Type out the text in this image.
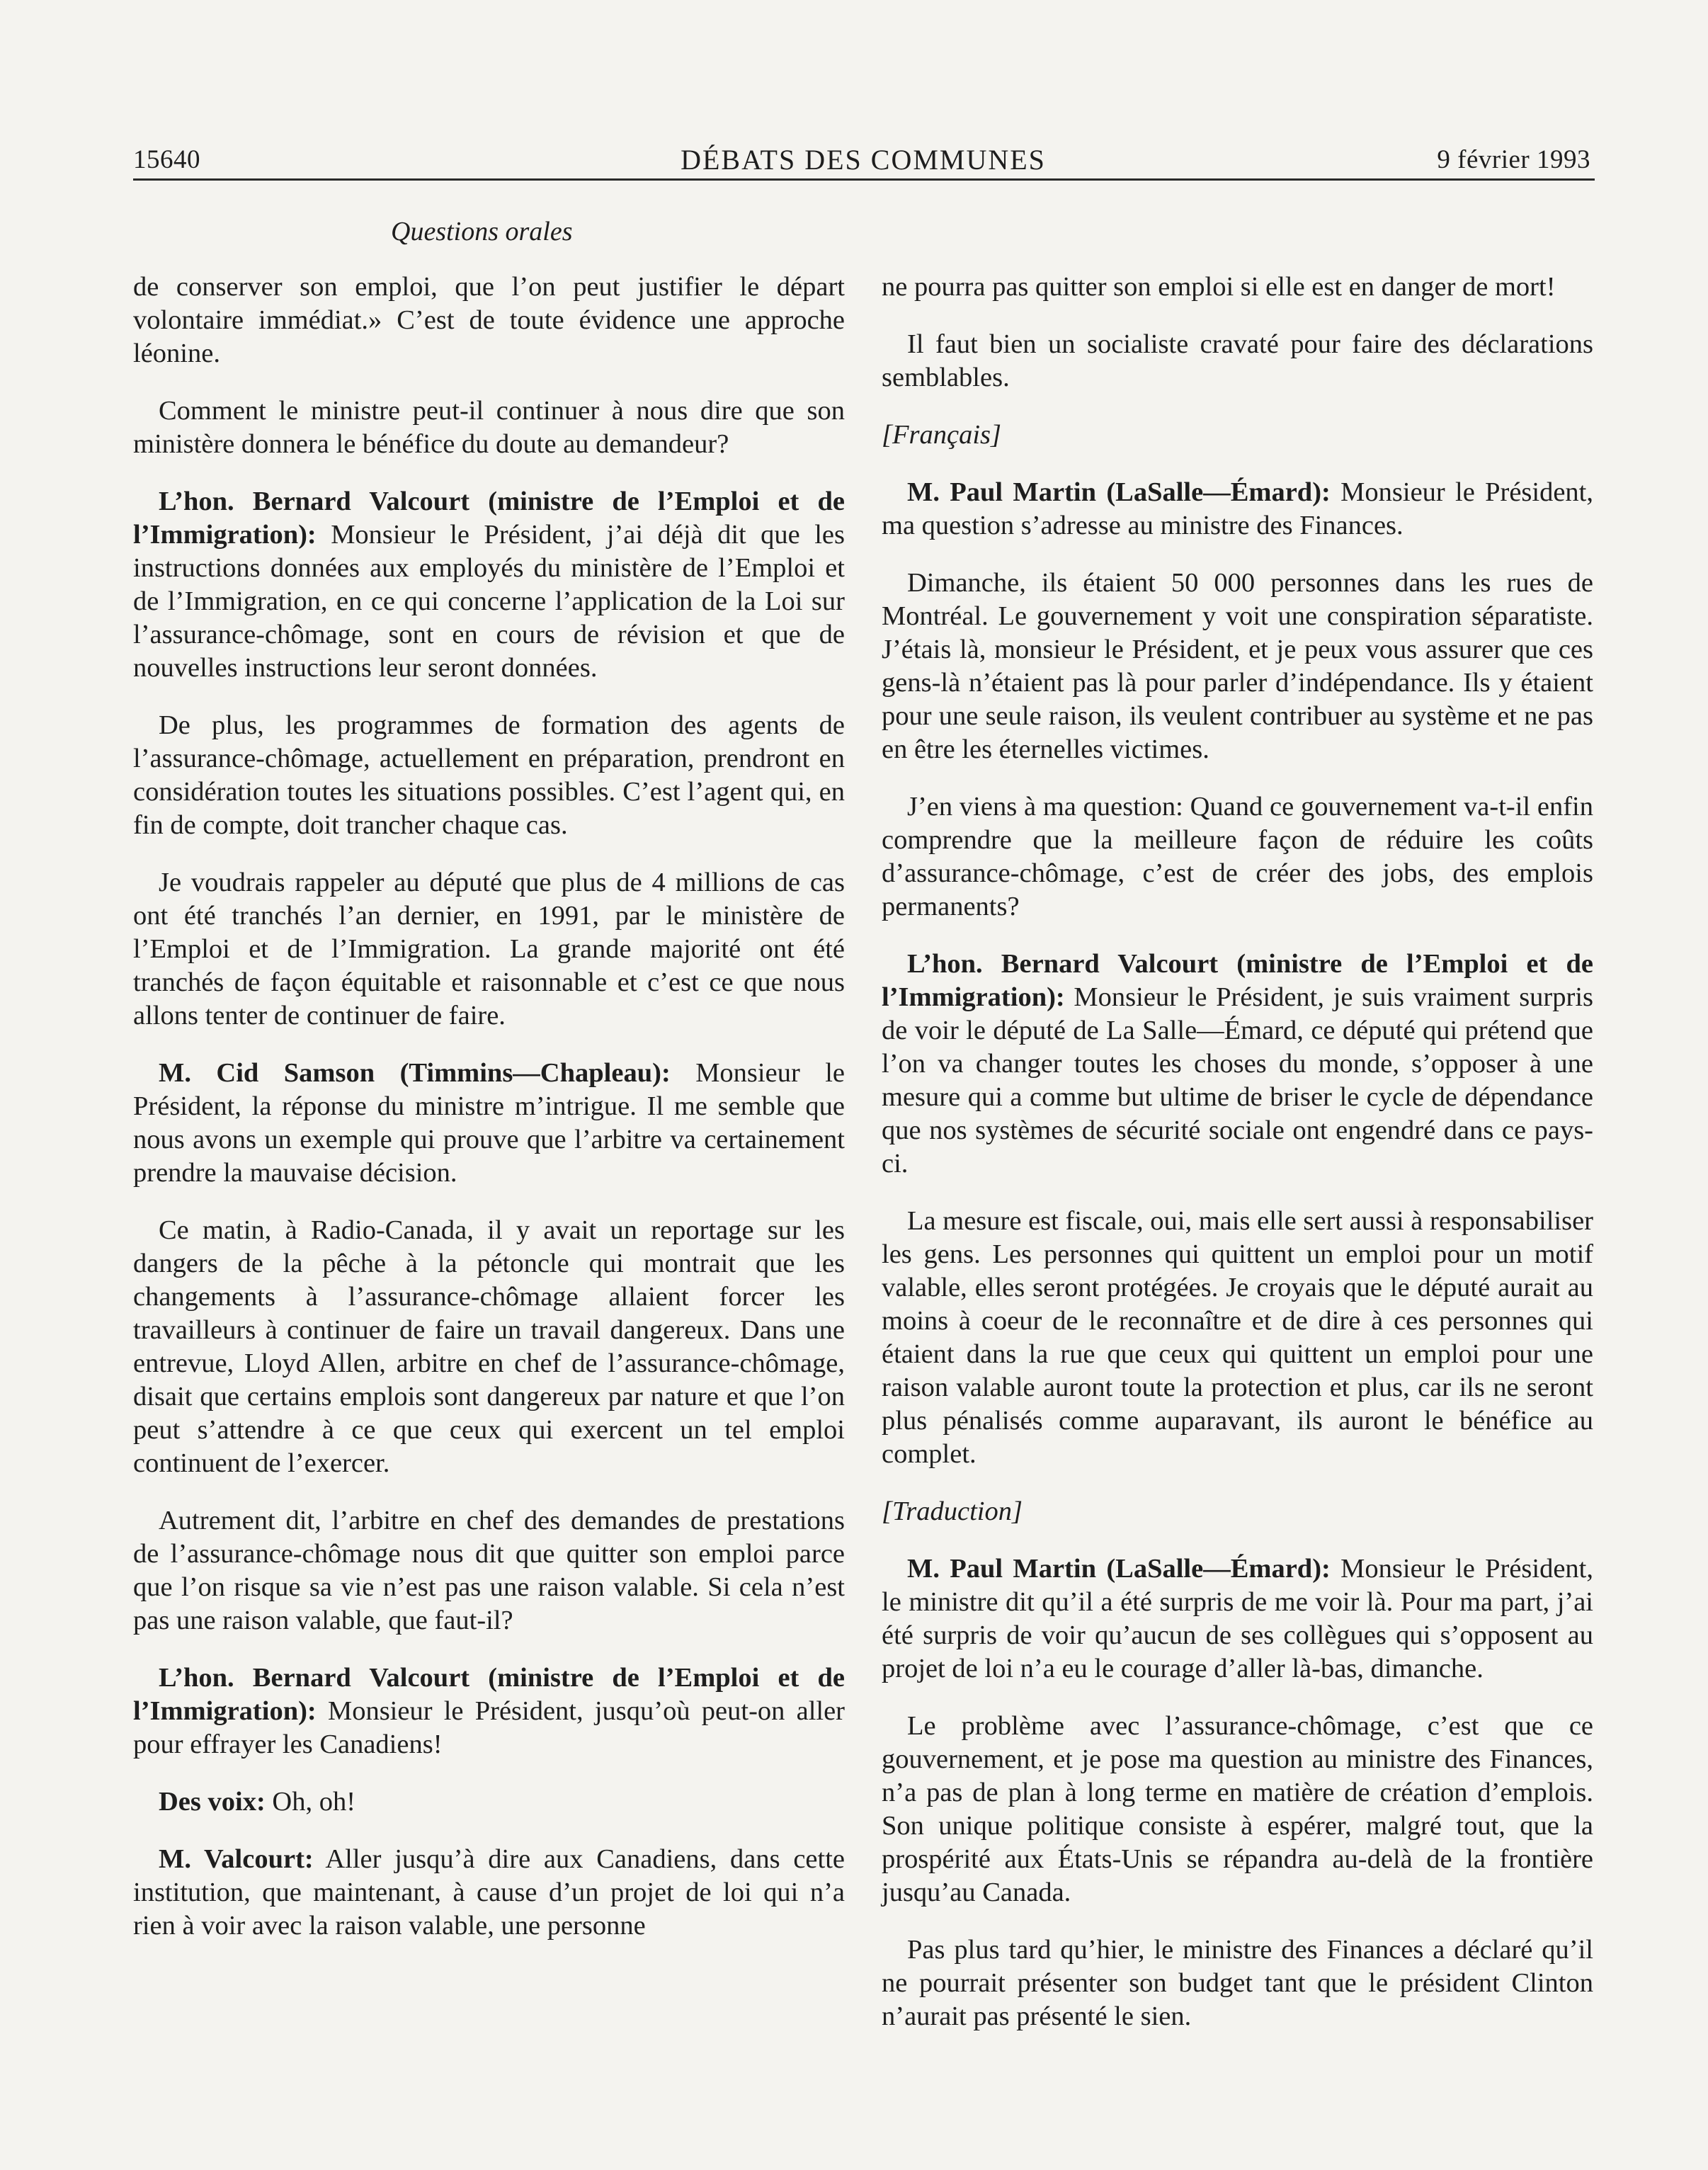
15640	DÉBATS DES COMMUNES	9 février 1993
Questions orales

de conserver son emploi, que l’on peut justifier le départ volontaire immédiat.» C’est de toute évidence une approche léonine.

Comment le ministre peut-il continuer à nous dire que son ministère donnera le bénéfice du doute au demandeur?

L’hon. Bernard Valcourt (ministre de l’Emploi et de l’Immigration): Monsieur le Président, j’ai déjà dit que les instructions données aux employés du ministère de l’Emploi et de l’Immigration, en ce qui concerne l’application de la Loi sur l’assurance-chômage, sont en cours de révision et que de nouvelles instructions leur seront données.

De plus, les programmes de formation des agents de l’assurance-chômage, actuellement en préparation, prendront en considération toutes les situations possibles. C’est l’agent qui, en fin de compte, doit trancher chaque cas.

Je voudrais rappeler au député que plus de 4 millions de cas ont été tranchés l’an dernier, en 1991, par le ministère de l’Emploi et de l’Immigration. La grande majorité ont été tranchés de façon équitable et raisonnable et c’est ce que nous allons tenter de continuer de faire.

M. Cid Samson (Timmins—Chapleau): Monsieur le Président, la réponse du ministre m’intrigue. Il me semble que nous avons un exemple qui prouve que l’arbitre va certainement prendre la mauvaise décision.

Ce matin, à Radio-Canada, il y avait un reportage sur les dangers de la pêche à la pétoncle qui montrait que les changements à l’assurance-chômage allaient forcer les travailleurs à continuer de faire un travail dangereux. Dans une entrevue, Lloyd Allen, arbitre en chef de l’assurance-chômage, disait que certains emplois sont dangereux par nature et que l’on peut s’attendre à ce que ceux qui exercent un tel emploi continuent de l’exercer.

Autrement dit, l’arbitre en chef des demandes de prestations de l’assurance-chômage nous dit que quitter son emploi parce que l’on risque sa vie n’est pas une raison valable. Si cela n’est pas une raison valable, que faut-il?

L’hon. Bernard Valcourt (ministre de l’Emploi et de l’Immigration): Monsieur le Président, jusqu’où peut-on aller pour effrayer les Canadiens!

Des voix: Oh, oh!

M. Valcourt: Aller jusqu’à dire aux Canadiens, dans cette institution, que maintenant, à cause d’un projet de loi qui n’a rien à voir avec la raison valable, une personne

ne pourra pas quitter son emploi si elle est en danger de mort!

Il faut bien un socialiste cravaté pour faire des déclarations semblables.

[Français]

M. Paul Martin (LaSalle—Émard): Monsieur le Président, ma question s’adresse au ministre des Finances.

Dimanche, ils étaient 50 000 personnes dans les rues de Montréal. Le gouvernement y voit une conspiration séparatiste. J’étais là, monsieur le Président, et je peux vous assurer que ces gens-là n’étaient pas là pour parler d’indépendance. Ils y étaient pour une seule raison, ils veulent contribuer au système et ne pas en être les éternelles victimes.

J’en viens à ma question: Quand ce gouvernement va-t-il enfin comprendre que la meilleure façon de réduire les coûts d’assurance-chômage, c’est de créer des jobs, des emplois permanents?

L’hon. Bernard Valcourt (ministre de l’Emploi et de l’Immigration): Monsieur le Président, je suis vraiment surpris de voir le député de La Salle—Émard, ce député qui prétend que l’on va changer toutes les choses du monde, s’opposer à une mesure qui a comme but ultime de briser le cycle de dépendance que nos systèmes de sécurité sociale ont engendré dans ce pays-ci.

La mesure est fiscale, oui, mais elle sert aussi à responsabiliser les gens. Les personnes qui quittent un emploi pour un motif valable, elles seront protégées. Je croyais que le député aurait au moins à coeur de le reconnaître et de dire à ces personnes qui étaient dans la rue que ceux qui quittent un emploi pour une raison valable auront toute la protection et plus, car ils ne seront plus pénalisés comme auparavant, ils auront le bénéfice au complet.

[Traduction]

M. Paul Martin (LaSalle—Émard): Monsieur le Président, le ministre dit qu’il a été surpris de me voir là. Pour ma part, j’ai été surpris de voir qu’aucun de ses collègues qui s’opposent au projet de loi n’a eu le courage d’aller là-bas, dimanche.

Le problème avec l’assurance-chômage, c’est que ce gouvernement, et je pose ma question au ministre des Finances, n’a pas de plan à long terme en matière de création d’emplois. Son unique politique consiste à espérer, malgré tout, que la prospérité aux États-Unis se répandra au-delà de la frontière jusqu’au Canada.

Pas plus tard qu’hier, le ministre des Finances a déclaré qu’il ne pourrait présenter son budget tant que le président Clinton n’aurait pas présenté le sien.
